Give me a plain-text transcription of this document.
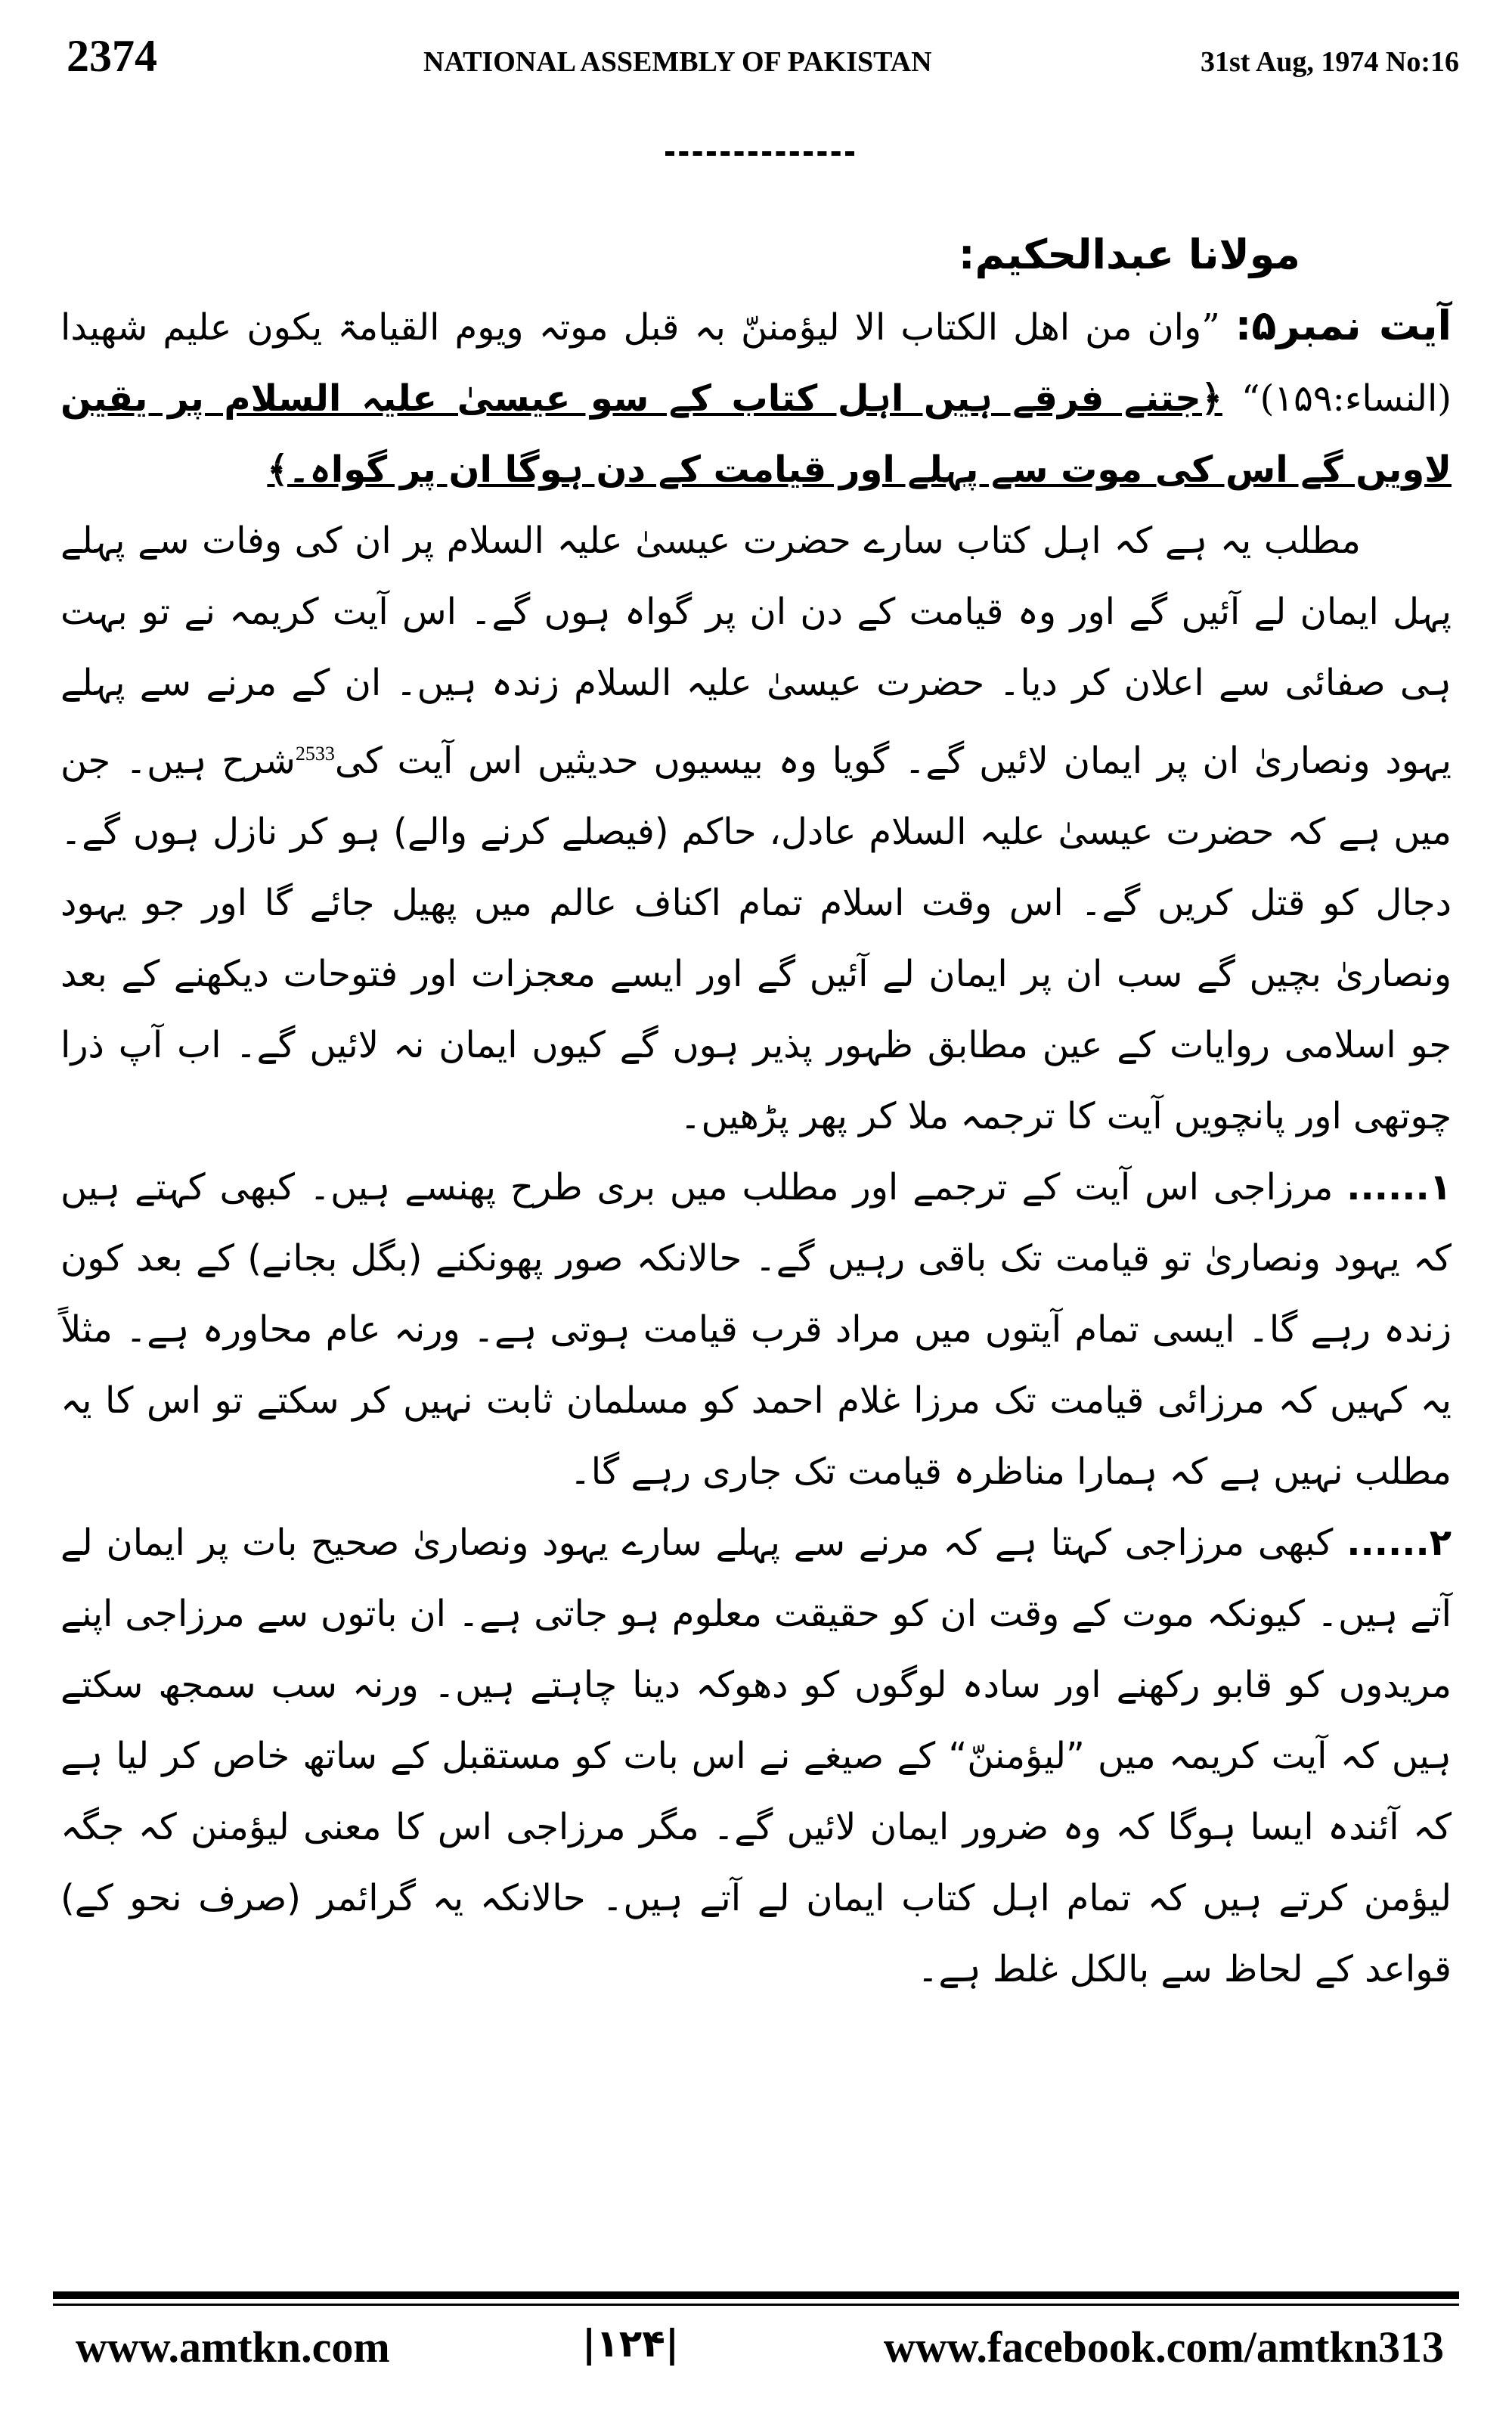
2374	NATIONAL ASSEMBLY OF PAKISTAN	31st Aug, 1974 No:16

مولانا عبدالحکیم:

آیت نمبر۵: ”وان من اھل الکتاب الا لیؤمننّ بہ قبل موتہ ویوم القیامۃ یکون علیم شھیدا (النساء:۱۵۹)“ ﴿جتنے فرقے ہیں اہل کتاب کے سو عیسیٰ علیہ السلام پر یقین لاویں گے اس کی موت سے پہلے اور قیامت کے دن ہوگا ان پر گواہ۔﴾

مطلب یہ ہے کہ اہل کتاب سارے حضرت عیسیٰ علیہ السلام پر ان کی وفات سے پہلے پہل ایمان لے آئیں گے اور وہ قیامت کے دن ان پر گواہ ہوں گے۔ اس آیت کریمہ نے تو بہت ہی صفائی سے اعلان کر دیا۔ حضرت عیسیٰ علیہ السلام زندہ ہیں۔ ان کے مرنے سے پہلے یہود ونصاریٰ ان پر ایمان لائیں گے۔ گویا وہ بیسیوں حدیثیں اس آیت کی$^{2533}$شرح ہیں۔ جن میں ہے کہ حضرت عیسیٰ علیہ السلام عادل، حاکم (فیصلے کرنے والے) ہو کر نازل ہوں گے۔ دجال کو قتل کریں گے۔ اس وقت اسلام تمام اکناف عالم میں پھیل جائے گا اور جو یہود ونصاریٰ بچیں گے سب ان پر ایمان لے آئیں گے اور ایسے معجزات اور فتوحات دیکھنے کے بعد جو اسلامی روایات کے عین مطابق ظہور پذیر ہوں گے کیوں ایمان نہ لائیں گے۔ اب آپ ذرا چوتھی اور پانچویں آیت کا ترجمہ ملا کر پھر پڑھیں۔

۱......مرزاجی اس آیت کے ترجمے اور مطلب میں بری طرح پھنسے ہیں۔ کبھی کہتے ہیں کہ یہود ونصاریٰ تو قیامت تک باقی رہیں گے۔ حالانکہ صور پھونکنے (بگل بجانے) کے بعد کون زندہ رہے گا۔ ایسی تمام آیتوں میں مراد قرب قیامت ہوتی ہے۔ ورنہ عام محاورہ ہے۔ مثلاً یہ کہیں کہ مرزائی قیامت تک مرزا غلام احمد کو مسلمان ثابت نہیں کر سکتے تو اس کا یہ مطلب نہیں ہے کہ ہمارا مناظرہ قیامت تک جاری رہے گا۔

۲......کبھی مرزاجی کہتا ہے کہ مرنے سے پہلے سارے یہود ونصاریٰ صحیح بات پر ایمان لے آتے ہیں۔ کیونکہ موت کے وقت ان کو حقیقت معلوم ہو جاتی ہے۔ ان باتوں سے مرزاجی اپنے مریدوں کو قابو رکھنے اور سادہ لوگوں کو دھوکہ دینا چاہتے ہیں۔ ورنہ سب سمجھ سکتے ہیں کہ آیت کریمہ میں ”لیؤمننّ“ کے صیغے نے اس بات کو مستقبل کے ساتھ خاص کر لیا ہے کہ آئندہ ایسا ہوگا کہ وہ ضرور ایمان لائیں گے۔ مگر مرزاجی اس کا معنی لیؤمنن کہ جگہ لیؤمن کرتے ہیں کہ تمام اہل کتاب ایمان لے آتے ہیں۔ حالانکہ یہ گرائمر (صرف نحو کے) قواعد کے لحاظ سے بالکل غلط ہے۔

www.amtkn.com	|۱۲۴|	www.facebook.com/amtkn313
